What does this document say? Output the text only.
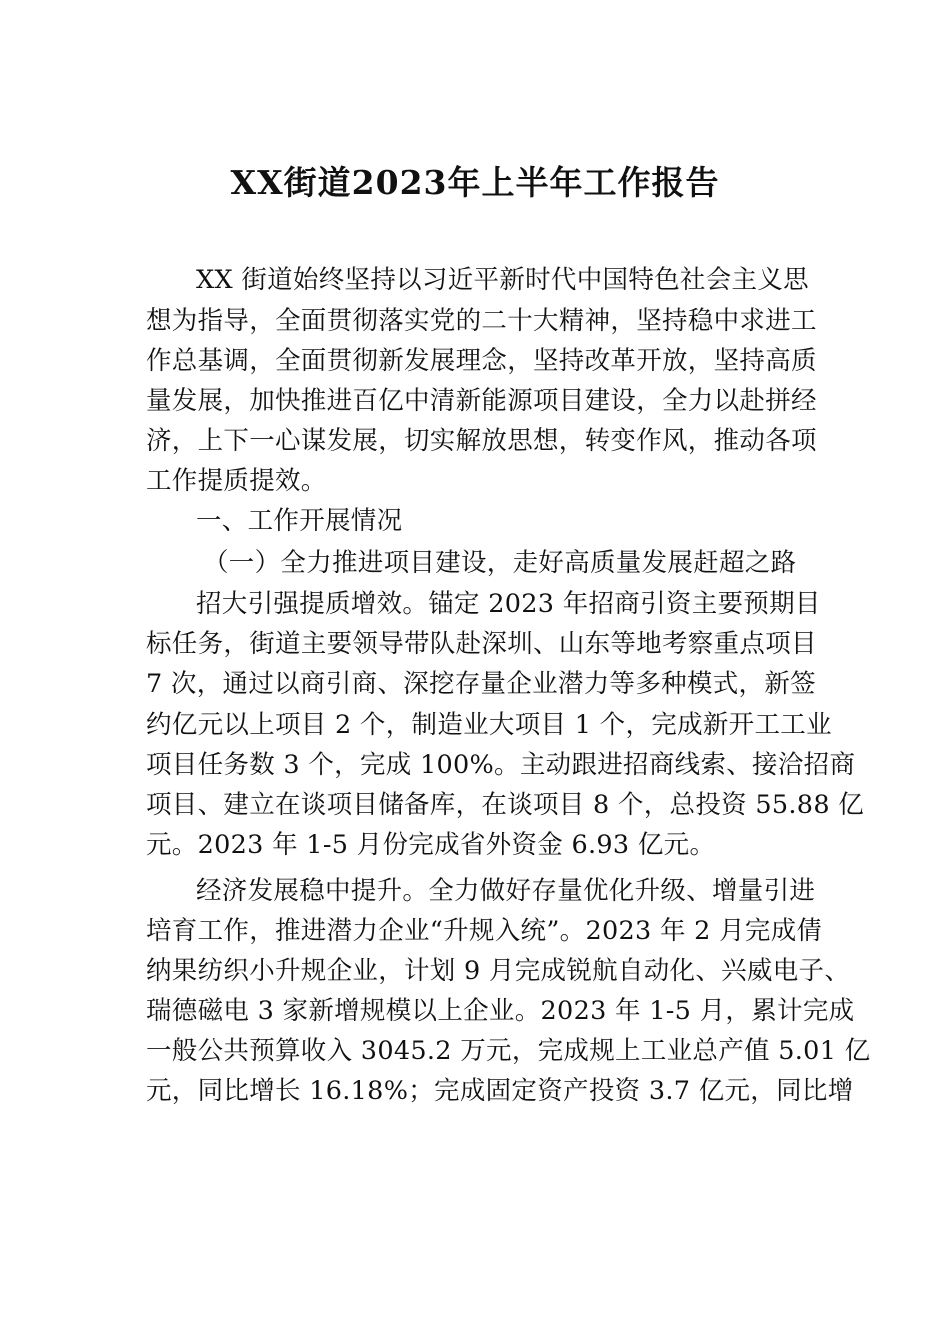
XX街道2023年上半年工作报告
XX 街道始终坚持以习近平新时代中国特色社会主义思
想为指导，全面贯彻落实党的二十大精神，坚持稳中求进工
作总基调，全面贯彻新发展理念，坚持改革开放，坚持高质
量发展，加快推进百亿中清新能源项目建设，全力以赴拼经
济，上下一心谋发展，切实解放思想，转变作风，推动各项
工作提质提效。
一、工作开展情况
（一）全力推进项目建设，走好高质量发展赶超之路
招大引强提质增效。锚定 2023 年招商引资主要预期目
标任务，街道主要领导带队赴深圳、山东等地考察重点项目
7 次，通过以商引商、深挖存量企业潜力等多种模式，新签
约亿元以上项目 2 个，制造业大项目 1 个，完成新开工工业
项目任务数 3 个，完成 100%。主动跟进招商线索、接洽招商
项目、建立在谈项目储备库，在谈项目 8 个，总投资 55.88 亿
元。2023 年 1-5 月份完成省外资金 6.93 亿元。
经济发展稳中提升。全力做好存量优化升级、增量引进
培育工作，推进潜力企业“升规入统”。2023 年 2 月完成倩
纳果纺织小升规企业，计划 9 月完成锐航自动化、兴威电子、
瑞德磁电 3 家新增规模以上企业。2023 年 1-5 月，累计完成
一般公共预算收入 3045.2 万元，完成规上工业总产值 5.01 亿
元，同比增长 16.18%；完成固定资产投资 3.7 亿元，同比增
